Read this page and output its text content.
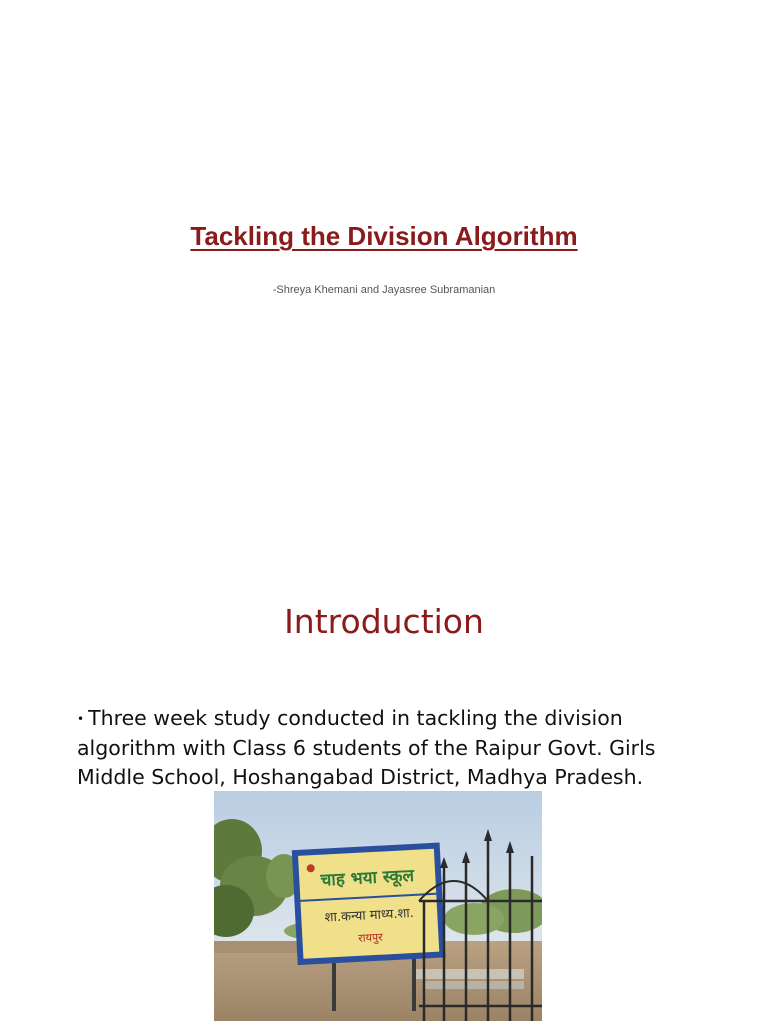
Tackling the Division Algorithm
-Shreya Khemani and Jayasree Subramanian
Introduction

• Three week study conducted in tackling the division algorithm with Class 6 students of the Raipur Govt. Girls Middle School, Hoshangabad District, Madhya Pradesh.

चाह भया स्कूल
शा.कन्या माध्य.शा.
रायपुर
